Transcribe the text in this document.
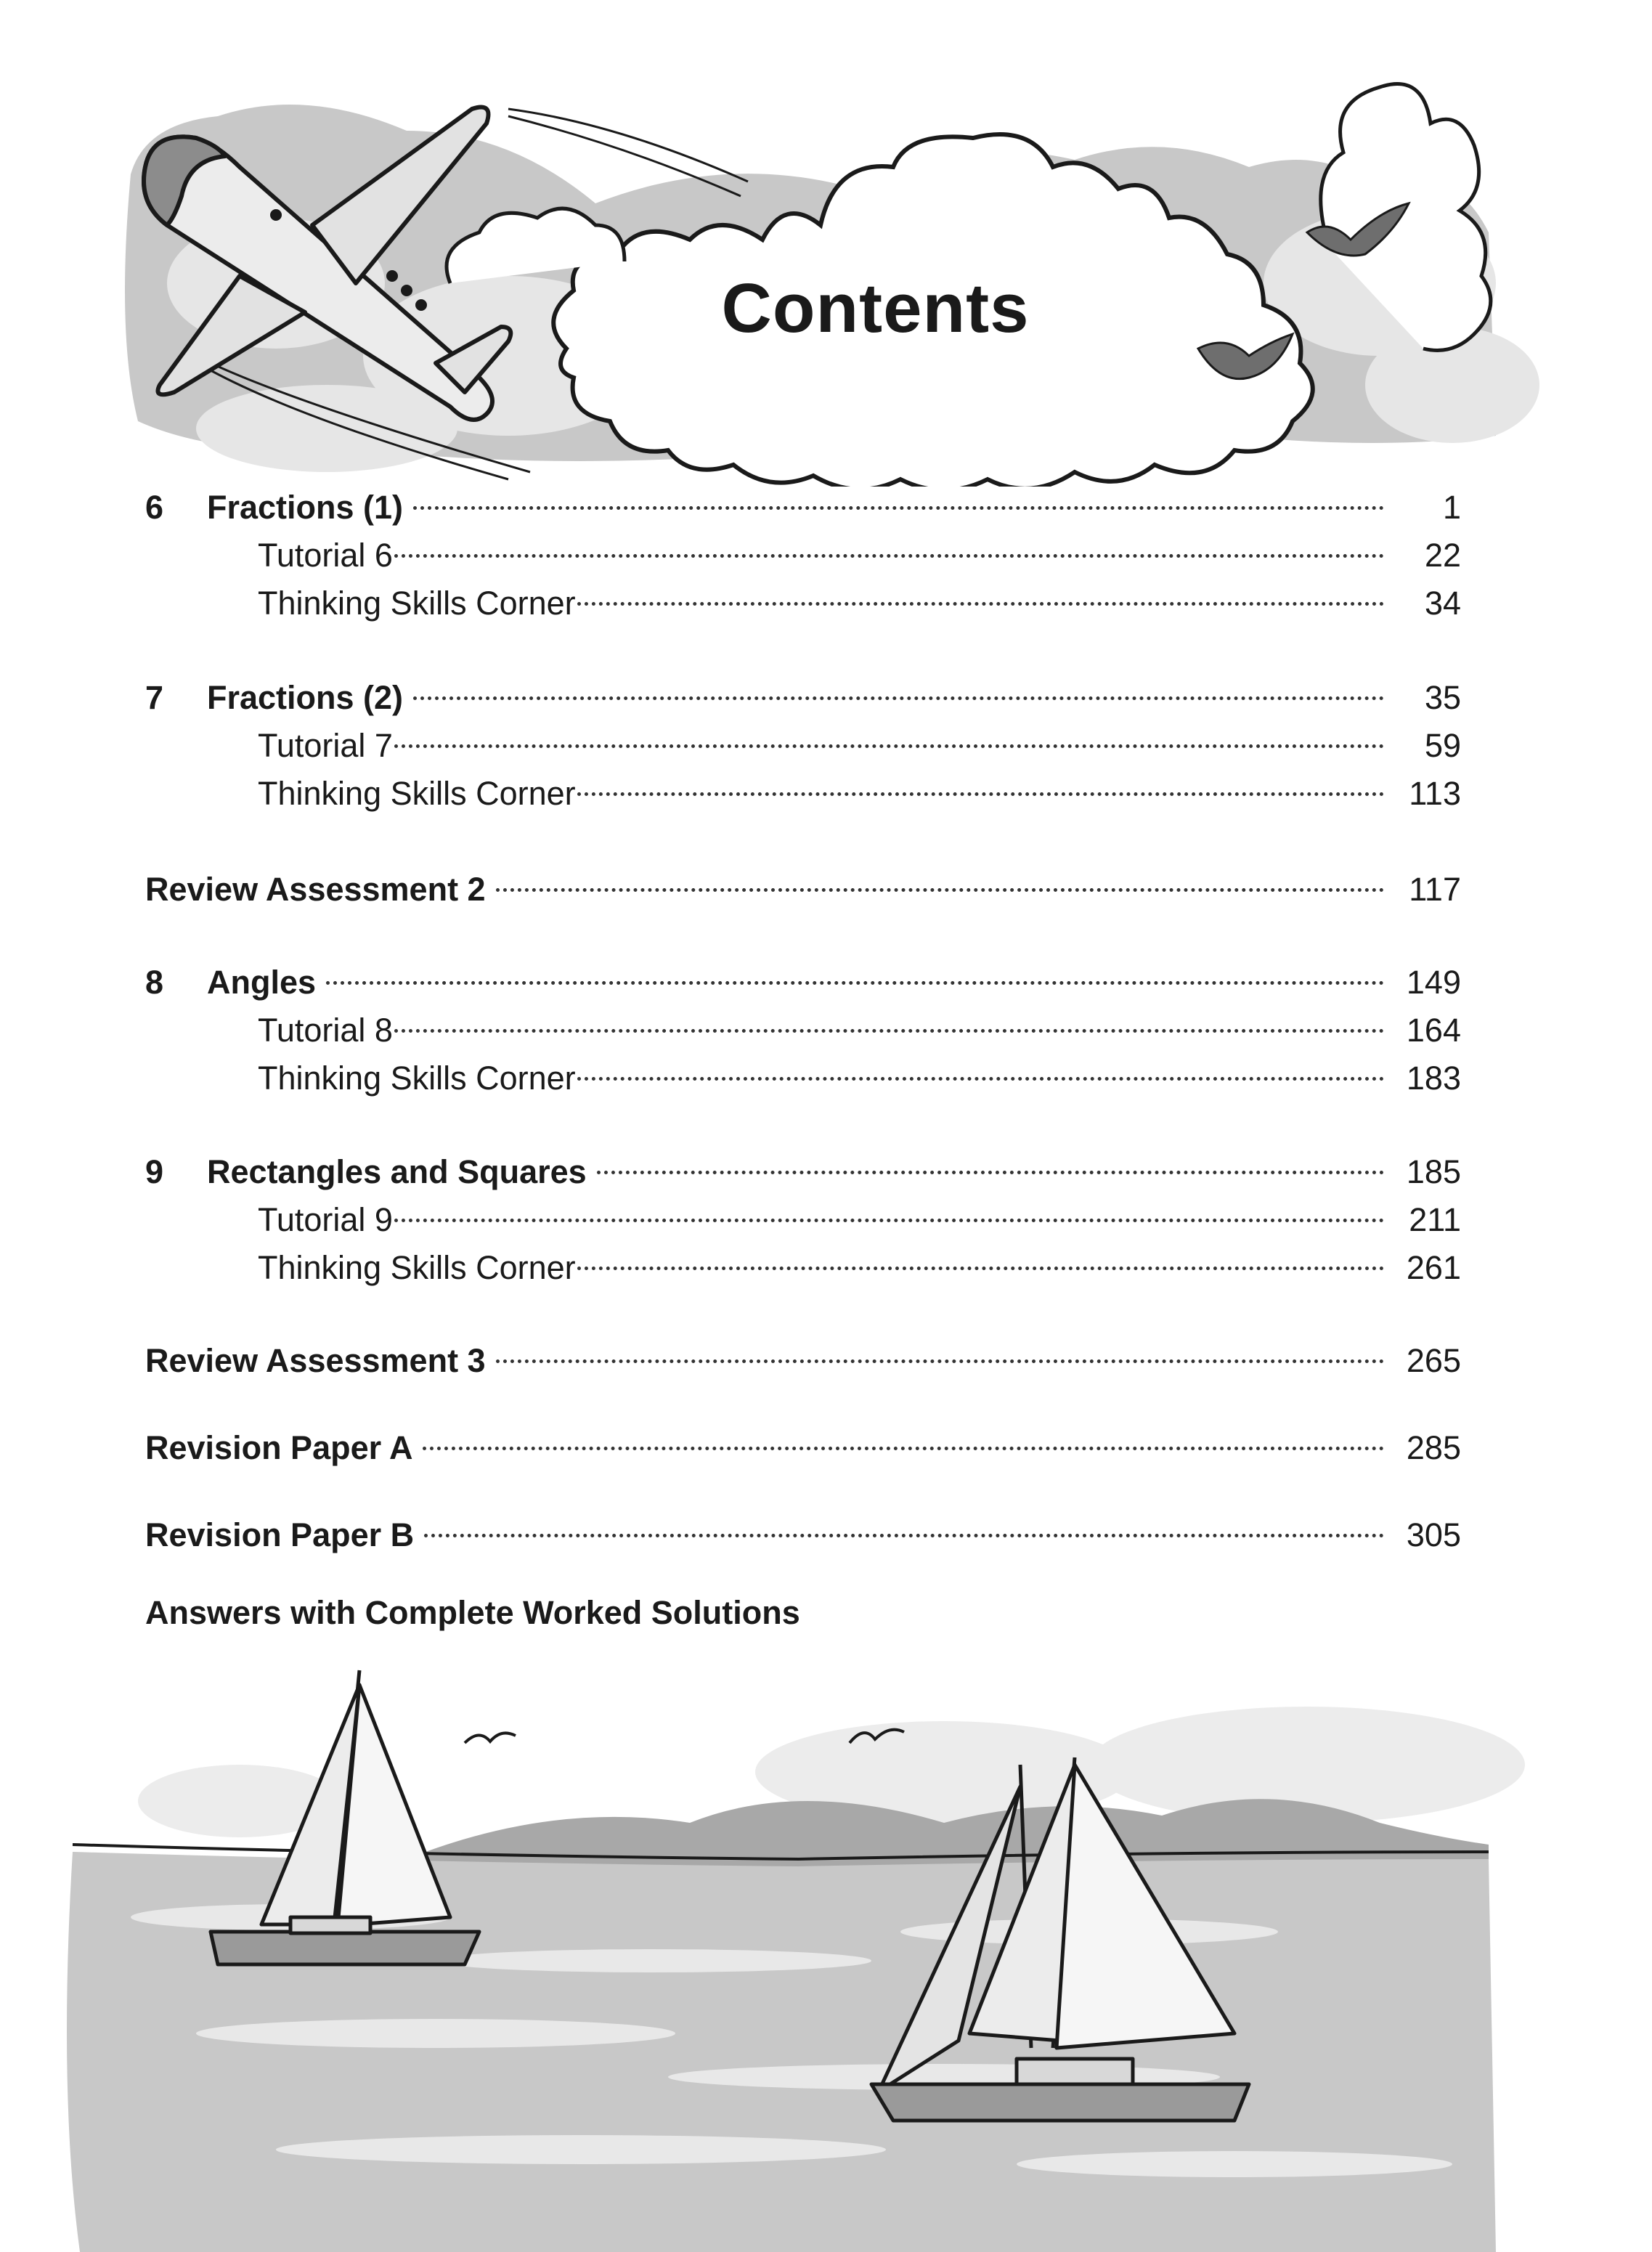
Contents
6	Fractions (1)	1
Tutorial 6	22
Thinking Skills Corner	34
7	Fractions (2)	35
Tutorial 7	59
Thinking Skills Corner	113
Review Assessment 2	117
8	Angles	149
Tutorial 8	164
Thinking Skills Corner	183
9	Rectangles and Squares	185
Tutorial 9	211
Thinking Skills Corner	261
Review Assessment 3	265
Revision Paper A	285
Revision Paper B	305
Answers with Complete Worked Solutions
